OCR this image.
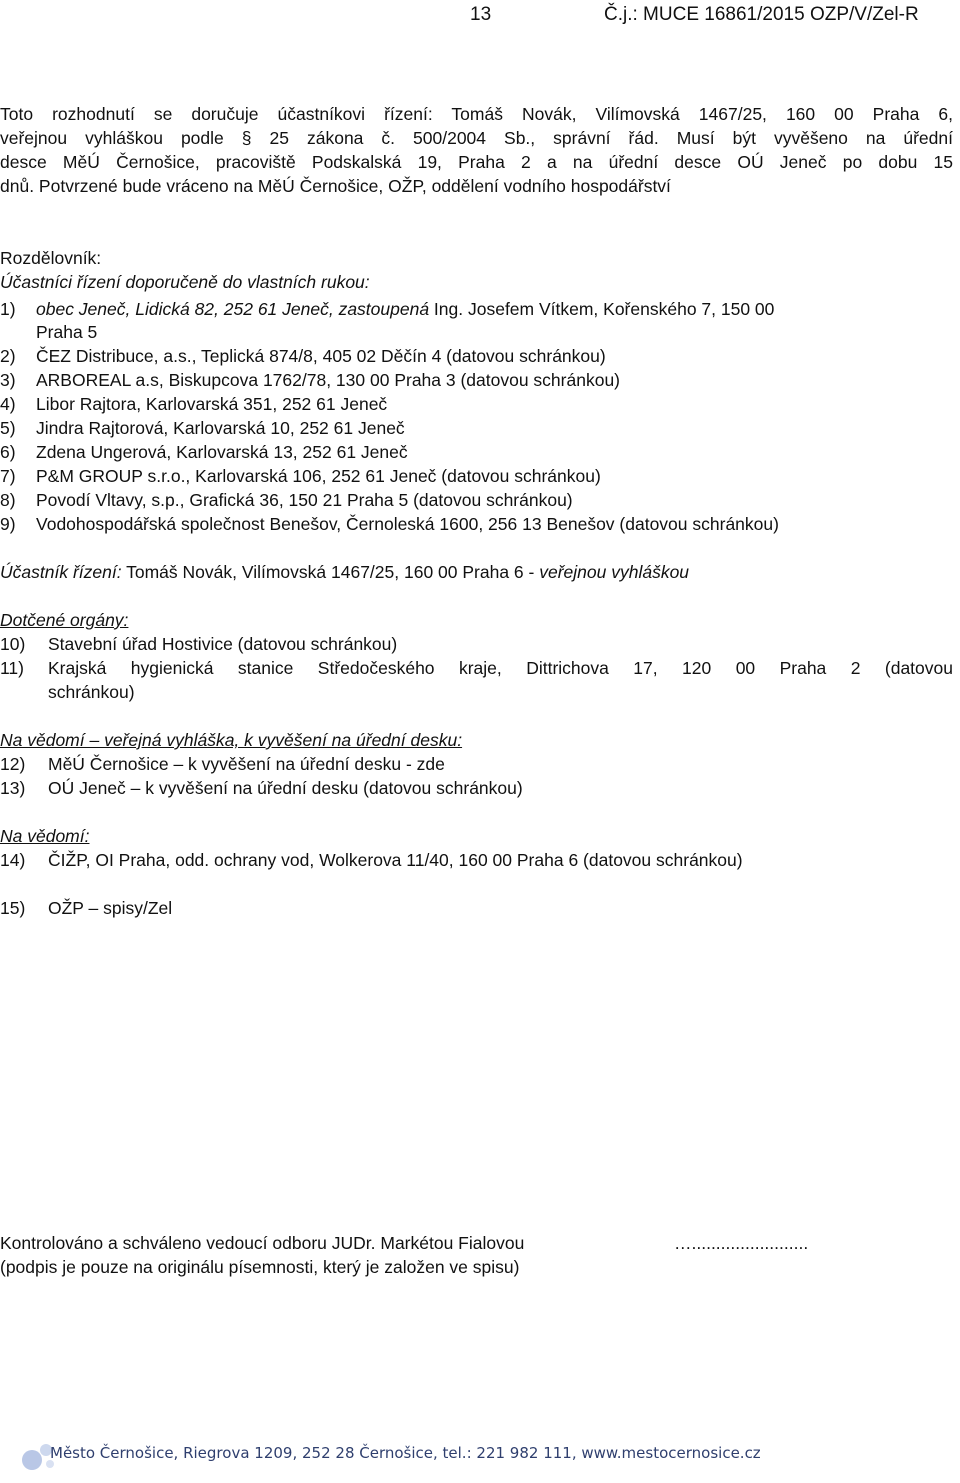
13	Č.j.: MUCE 16861/2015 OZP/V/Zel-R
Toto rozhodnutí se doručuje účastníkovi řízení: Tomáš Novák, Vilímovská 1467/25, 160 00 Praha 6,
veřejnou vyhláškou podle § 25 zákona č. 500/2004 Sb., správní řád. Musí být vyvěšeno na úřední
desce MěÚ Černošice, pracoviště Podskalská 19, Praha 2 a na úřední desce OÚ Jeneč po dobu 15
dnů. Potvrzené bude vráceno na MěÚ Černošice, OŽP, oddělení vodního hospodářství
Rozdělovník:
Účastníci řízení doporučeně do vlastních rukou:
1) obec Jeneč, Lidická 82, 252 61 Jeneč, zastoupená Ing. Josefem Vítkem, Kořenského 7, 150 00
Praha 5
2) ČEZ Distribuce, a.s., Teplická 874/8, 405 02 Děčín 4 (datovou schránkou)
3) ARBOREAL a.s, Biskupcova 1762/78, 130 00 Praha 3 (datovou schránkou)
4) Libor Rajtora, Karlovarská 351, 252 61 Jeneč
5) Jindra Rajtorová, Karlovarská 10, 252 61 Jeneč
6) Zdena Ungerová, Karlovarská 13, 252 61 Jeneč
7) P&M GROUP s.r.o., Karlovarská 106, 252 61 Jeneč (datovou schránkou)
8) Povodí Vltavy, s.p., Grafická 36, 150 21 Praha 5 (datovou schránkou)
9) Vodohospodářská společnost Benešov, Černoleská 1600, 256 13 Benešov (datovou schránkou)
Účastník řízení: Tomáš Novák, Vilímovská 1467/25, 160 00 Praha 6 - veřejnou vyhláškou
Dotčené orgány:
10) Stavební úřad Hostivice (datovou schránkou)
11)	Krajská hygienická stanice Středočeského kraje, Dittrichova 17, 120 00 Praha 2 (datovou
schránkou)
Na vědomí – veřejná vyhláška, k vyvěšení na úřední desku:
12) MěÚ Černošice – k vyvěšení na úřední desku - zde
13) OÚ Jeneč – k vyvěšení na úřední desku (datovou schránkou)
Na vědomí:
14) ČIŽP, OI Praha, odd. ochrany vod, Wolkerova 11/40, 160 00 Praha 6 (datovou schránkou)
15) OŽP – spisy/Zel
Kontrolováno a schváleno vedoucí odboru JUDr. Markétou Fialovou
(podpis je pouze na originálu písemnosti, který je založen ve spisu)
…........................
Město Černošice, Riegrova 1209, 252 28 Černošice, tel.: 221 982 111, www.mestocernosice.cz
